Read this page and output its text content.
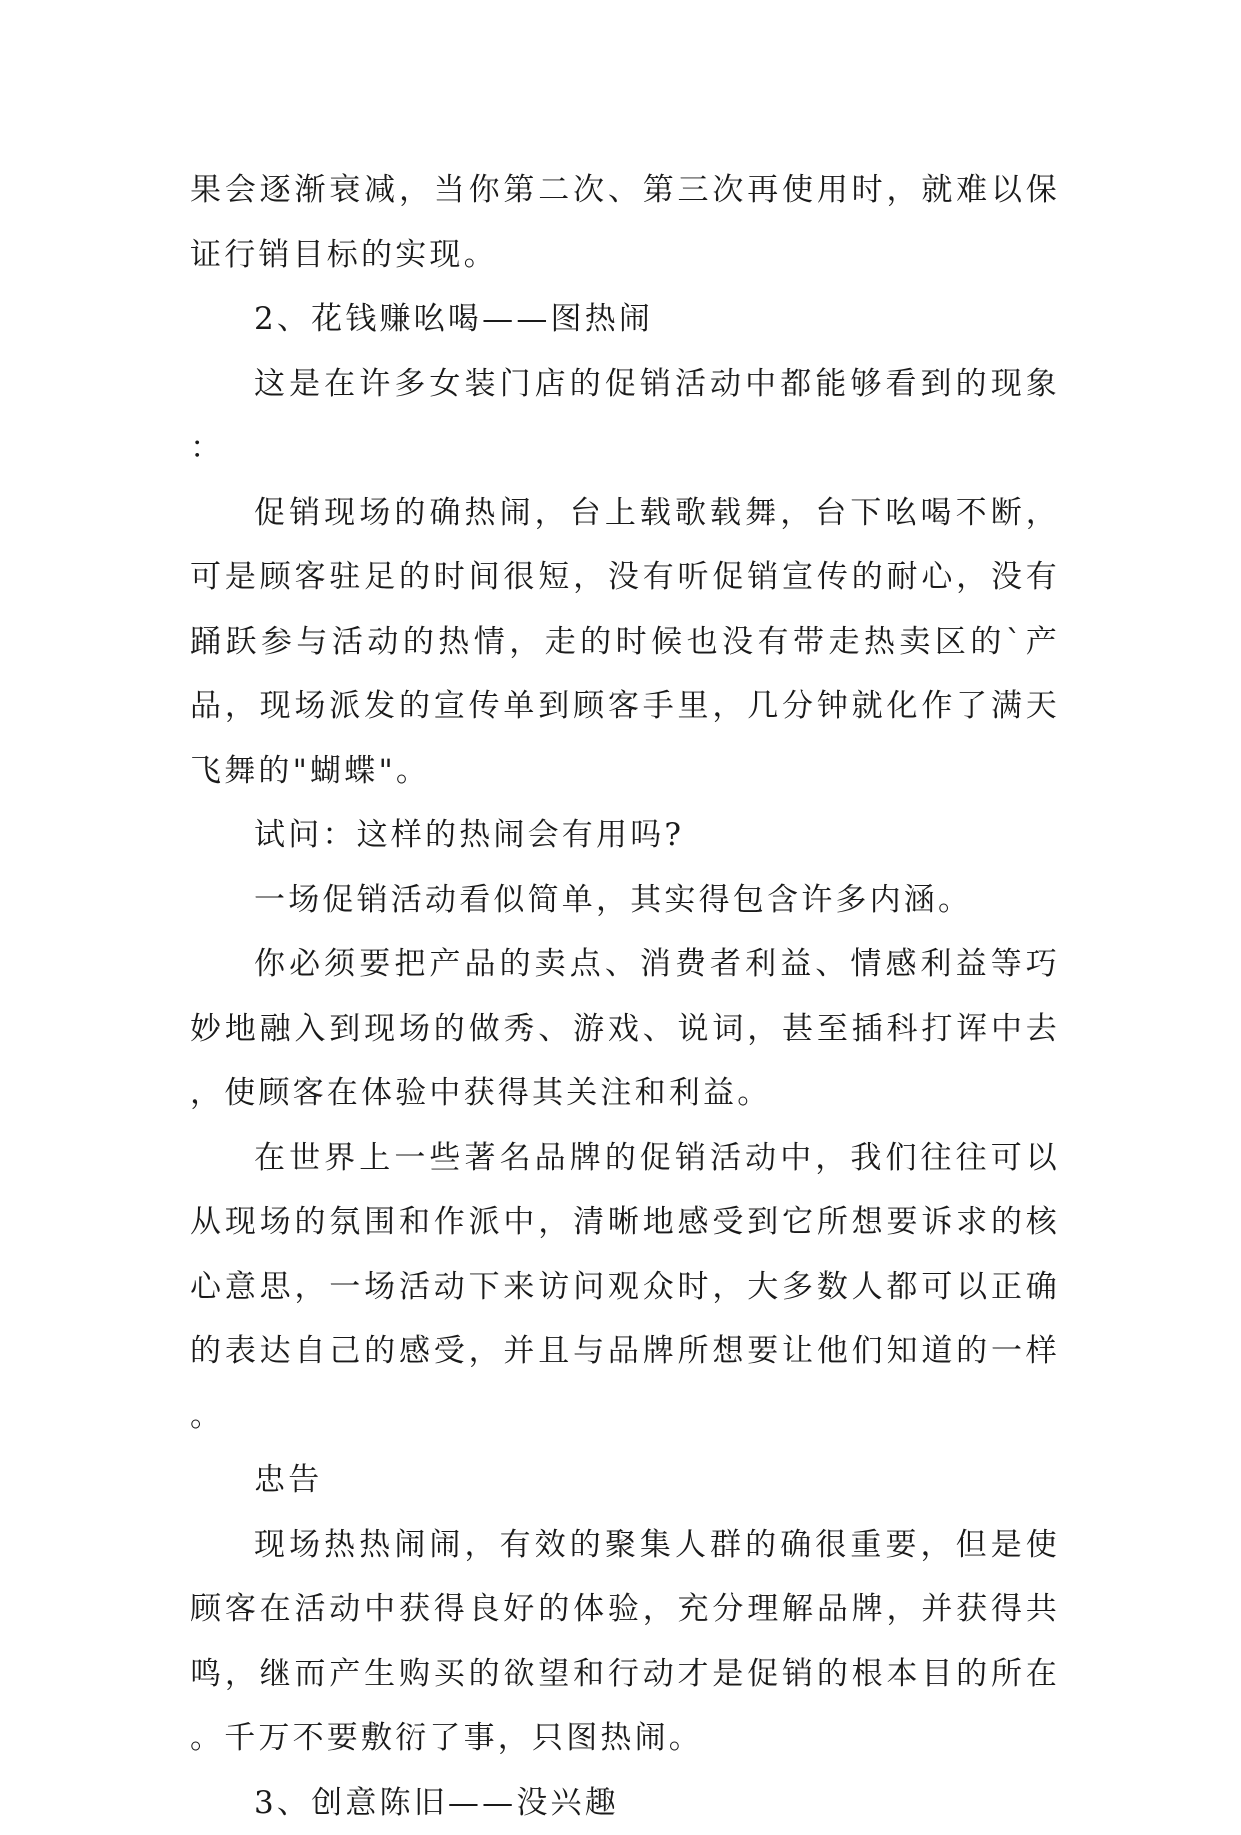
果会逐渐衰减，当你第二次、第三次再使用时，就难以保证行销目标的实现。

2、花钱赚吆喝——图热闹

这是在许多女装门店的促销活动中都能够看到的现象：

促销现场的确热闹，台上载歌载舞，台下吆喝不断，可是顾客驻足的时间很短，没有听促销宣传的耐心，没有踊跃参与活动的热情，走的时候也没有带走热卖区的`产品，现场派发的宣传单到顾客手里，几分钟就化作了满天飞舞的"蝴蝶"。

试问：这样的热闹会有用吗?

一场促销活动看似简单，其实得包含许多内涵。

你必须要把产品的卖点、消费者利益、情感利益等巧妙地融入到现场的做秀、游戏、说词，甚至插科打诨中去，使顾客在体验中获得其关注和利益。

在世界上一些著名品牌的促销活动中，我们往往可以从现场的氛围和作派中，清晰地感受到它所想要诉求的核心意思，一场活动下来访问观众时，大多数人都可以正确的表达自己的感受，并且与品牌所想要让他们知道的一样。

忠告

现场热热闹闹，有效的聚集人群的确很重要，但是使顾客在活动中获得良好的体验，充分理解品牌，并获得共鸣，继而产生购买的欲望和行动才是促销的根本目的所在。千万不要敷衍了事，只图热闹。

3、创意陈旧——没兴趣
